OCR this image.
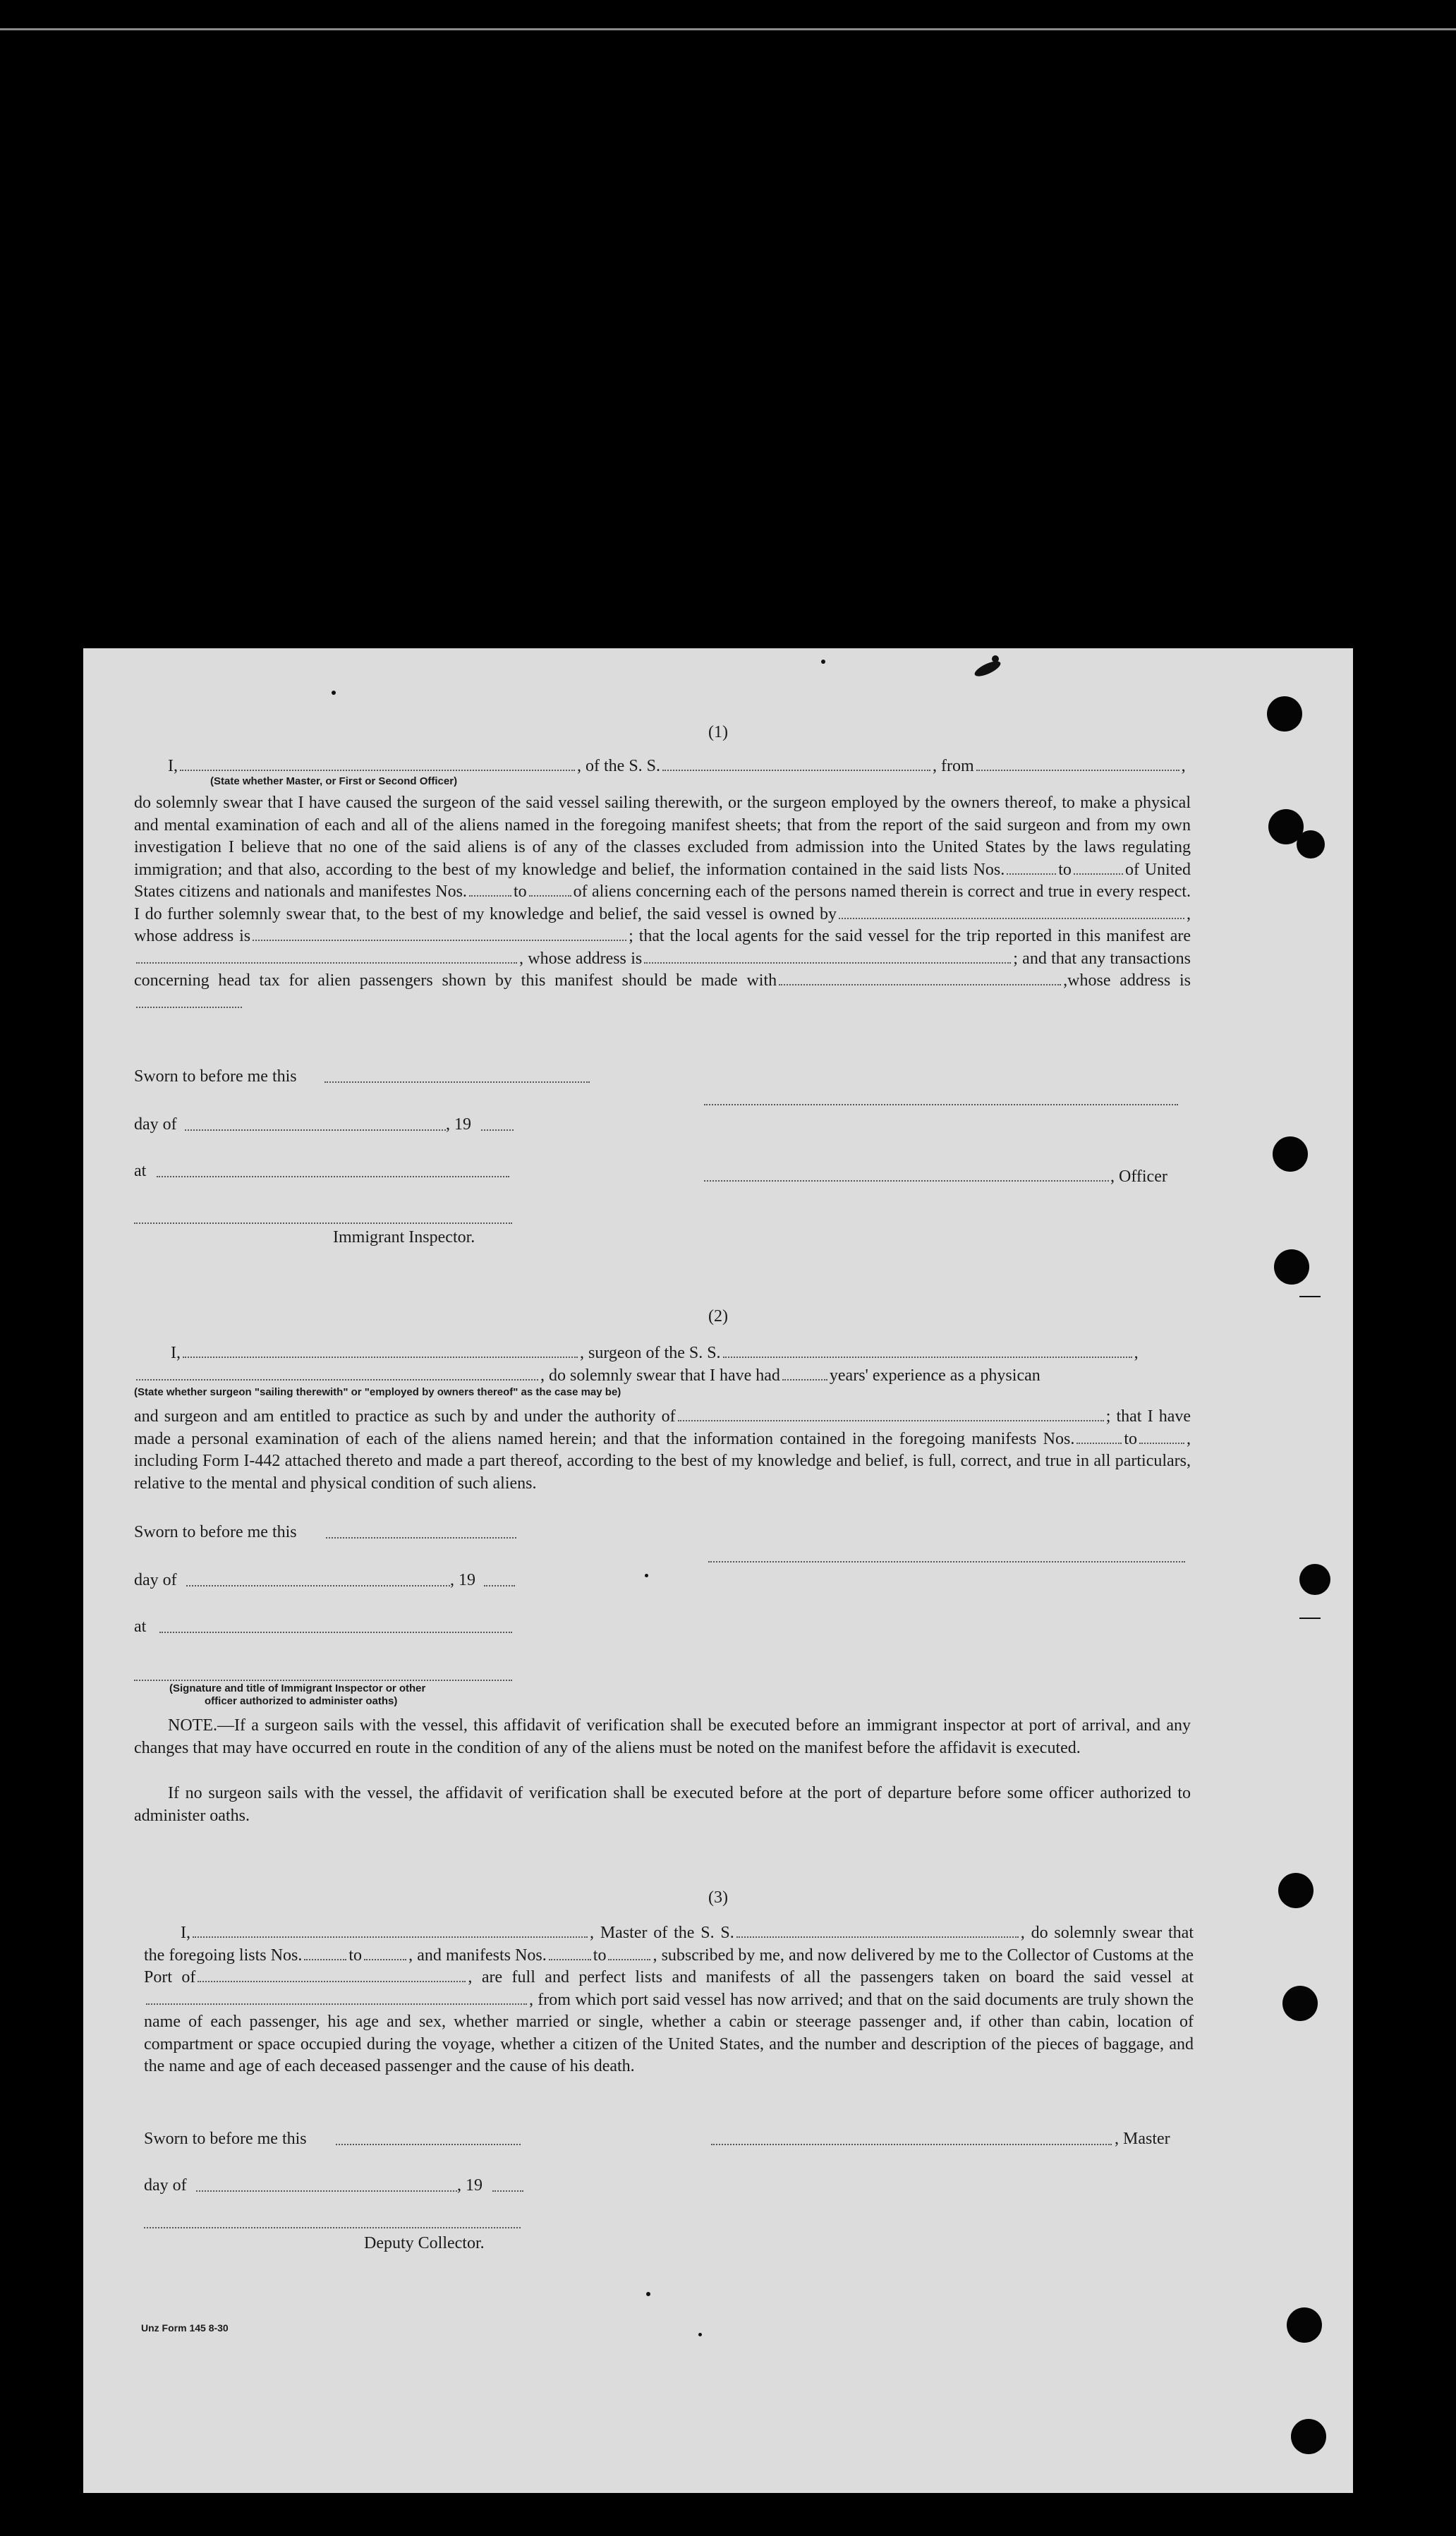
(1)
I,	, of the S. S.	, from	,
(State whether Master, or First or Second Officer)
do solemnly swear that I have caused the surgeon of the said vessel sailing therewith, or the surgeon employed by the owners thereof, to make a physical and mental examination of each and all of the aliens named in the foregoing manifest sheets; that from the report of the said surgeon and from my own investigation I believe that no one of the said aliens is of any of the classes excluded from admission into the United States by the laws regulating immigration; and that also, according to the best of my knowledge and belief, the information contained in the said lists Nos.	to	of United States citizens and nationals and manifestes Nos.	to	of aliens concerning each of the persons named therein is correct and true in every respect. I do further solemnly swear that, to the best of my knowledge and belief, the said vessel is owned by	, whose address is	; that the local agents for the said vessel for the trip reported in this manifest are, whose address is	; and that any transactions concerning head tax for alien passengers shown by this manifest should be made with	,whose address is
Sworn to before me this
day of	, 19
at	, Officer
Immigrant Inspector.
(2)
I,	, surgeon of the S. S.	,
, do solemnly swear that I have had	years' experience as a physican
(State whether surgeon "sailing therewith" or "employed by owners thereof" as the case may be)
and surgeon and am entitled to practice as such by and under the authority of	; that I have made a personal examination of each of the aliens named herein; and that the information contained in the foregoing manifests Nos.	to	, including Form I-442 attached thereto and made a part thereof, according to the best of my knowledge and belief, is full, correct, and true in all particulars, relative to the mental and physical condition of such aliens.
Sworn to before me this
day of	, 19
at
(Signature and title of Immigrant Inspector or other
officer authorized to administer oaths)
NOTE.—If a surgeon sails with the vessel, this affidavit of verification shall be executed before an immigrant inspector at port of arrival, and any changes that may have occurred en route in the condition of any of the aliens must be noted on the manifest before the affidavit is executed.
If no surgeon sails with the vessel, the affidavit of verification shall be executed before at the port of departure before some officer authorized to administer oaths.
(3)
I,	, Master of the S. S.	, do solemnly swear that the foregoing lists Nos.	to	, and manifests Nos.	to	, subscribed by me, and now delivered by me to the Collector of Customs at the Port of	, are full and perfect lists and manifests of all the passengers taken on board the said vessel at, from which port said vessel has now arrived; and that on the said documents are truly shown the name of each passenger, his age and sex, whether married or single, whether a cabin or steerage passenger and, if other than cabin, location of compartment or space occupied during the voyage, whether a citizen of the United States, and the number and description of the pieces of baggage, and the name and age of each deceased passenger and the cause of his death.
Sworn to before me this	, Master
day of	, 19
Deputy Collector.
Unz Form 145 8-30
